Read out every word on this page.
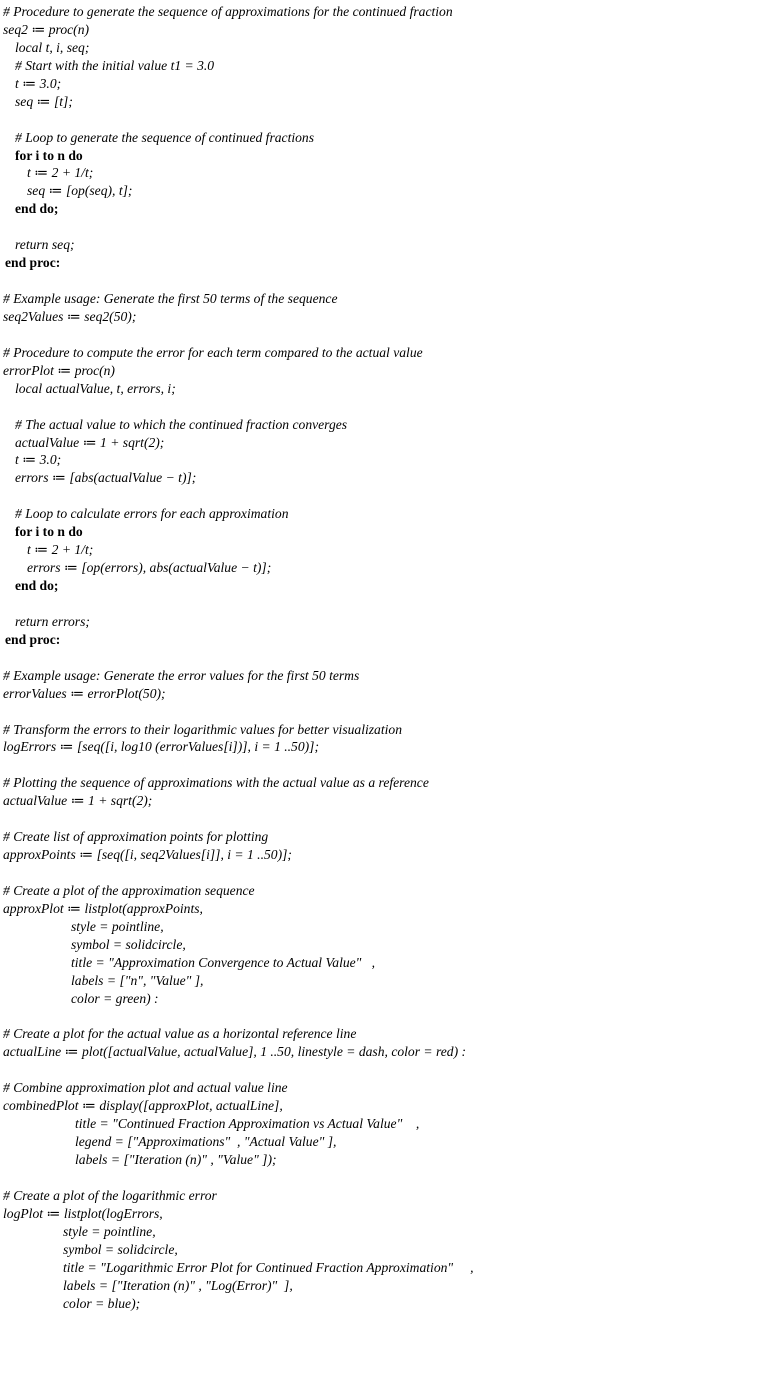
# Procedure to generate the sequence of approximations for the continued fraction
seq2 ≔ proc(n)
local t, i, seq;
# Start with the initial value t1 = 3.0
t ≔ 3.0;
seq ≔ [t];
# Loop to generate the sequence of continued fractions
for i to n do
t ≔ 2 + 1/t;
seq ≔ [op(seq), t];
end do;
return seq;
end proc:
# Example usage: Generate the first 50 terms of the sequence
seq2Values ≔ seq2(50);
# Procedure to compute the error for each term compared to the actual value
errorPlot ≔ proc(n)
local actualValue, t, errors, i;
# The actual value to which the continued fraction converges
actualValue ≔ 1 + sqrt(2);
t ≔ 3.0;
errors ≔ [abs(actualValue − t)];
# Loop to calculate errors for each approximation
for i to n do
t ≔ 2 + 1/t;
errors ≔ [op(errors), abs(actualValue − t)];
end do;
return errors;
end proc:
# Example usage: Generate the error values for the first 50 terms
errorValues ≔ errorPlot(50);
# Transform the errors to their logarithmic values for better visualization
logErrors ≔ [seq([i, log10 (errorValues[i])], i = 1 ..50)];
# Plotting the sequence of approximations with the actual value as a reference
actualValue ≔ 1 + sqrt(2);
# Create list of approximation points for plotting
approxPoints ≔ [seq([i, seq2Values[i]], i = 1 ..50)];
# Create a plot of the approximation sequence
approxPlot ≔ listplot(approxPoints,
style = pointline,
symbol = solidcircle,
title = "Approximation Convergence to Actual Value"   ,
labels = ["n", "Value" ],
color = green) :
# Create a plot for the actual value as a horizontal reference line
actualLine ≔ plot([actualValue, actualValue], 1 ..50, linestyle = dash, color = red) :
# Combine approximation plot and actual value line
combinedPlot ≔ display([approxPlot, actualLine],
title = "Continued Fraction Approximation vs Actual Value"    ,
legend = ["Approximations"  , "Actual Value" ],
labels = ["Iteration (n)" , "Value" ]);
# Create a plot of the logarithmic error
logPlot ≔ listplot(logErrors,
style = pointline,
symbol = solidcircle,
title = "Logarithmic Error Plot for Continued Fraction Approximation"     ,
labels = ["Iteration (n)" , "Log(Error)"  ],
color = blue);
